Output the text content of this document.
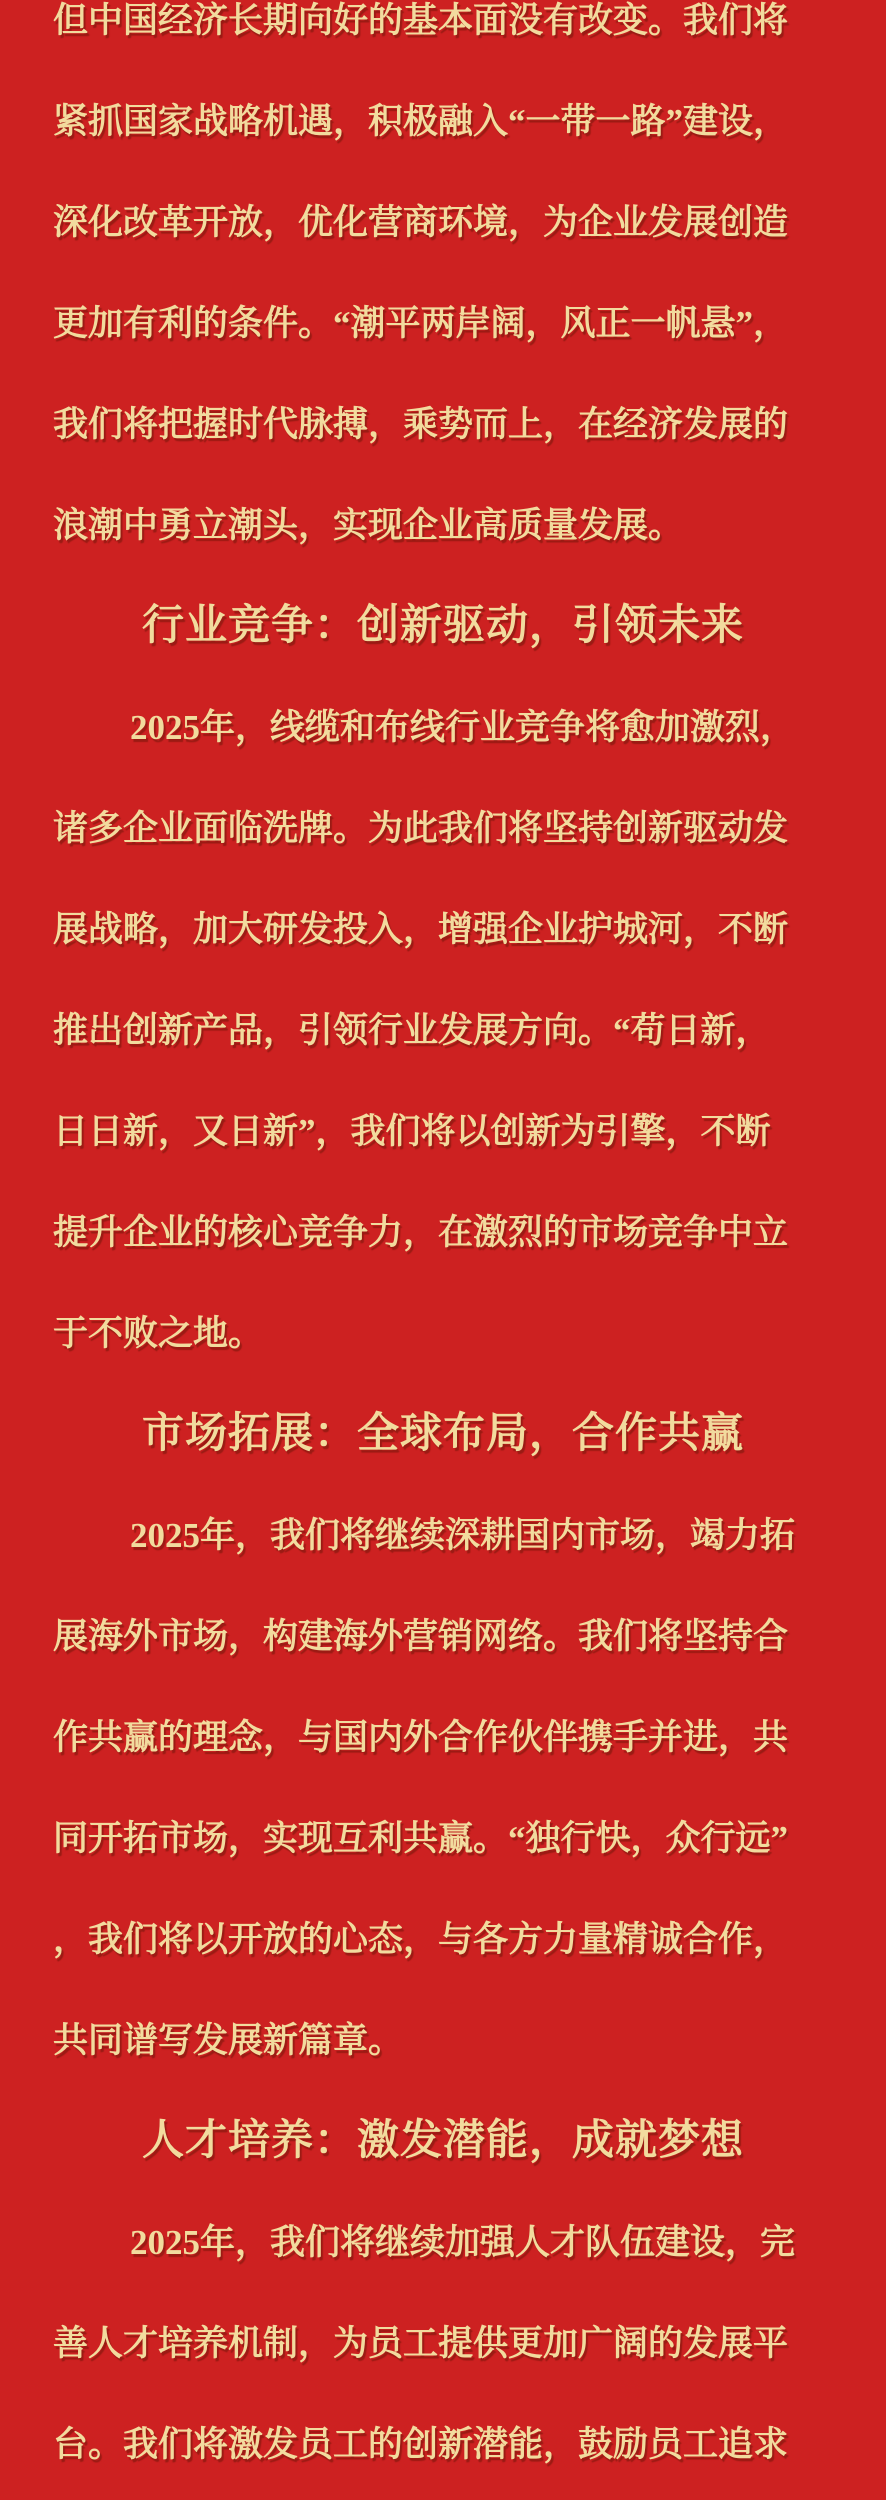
但中国经济长期向好的基本面没有改变。我们将
紧抓国家战略机遇，积极融入“一带一路”建设，
深化改革开放，优化营商环境，为企业发展创造
更加有利的条件。“潮平两岸阔，风正一帆悬”，
我们将把握时代脉搏，乘势而上，在经济发展的
浪潮中勇立潮头，实现企业高质量发展。
行业竞争：创新驱动，引领未来
2025年，线缆和布线行业竞争将愈加激烈，
诸多企业面临洗牌。为此我们将坚持创新驱动发
展战略，加大研发投入，增强企业护城河，不断
推出创新产品，引领行业发展方向。“苟日新，
日日新，又日新”，我们将以创新为引擎，不断
提升企业的核心竞争力，在激烈的市场竞争中立
于不败之地。
市场拓展：全球布局，合作共赢
2025年，我们将继续深耕国内市场，竭力拓
展海外市场，构建海外营销网络。我们将坚持合
作共赢的理念，与国内外合作伙伴携手并进，共
同开拓市场，实现互利共赢。“独行快，众行远”
，我们将以开放的心态，与各方力量精诚合作，
共同谱写发展新篇章。
人才培养：激发潜能，成就梦想
2025年，我们将继续加强人才队伍建设，完
善人才培养机制，为员工提供更加广阔的发展平
台。我们将激发员工的创新潜能，鼓励员工追求
